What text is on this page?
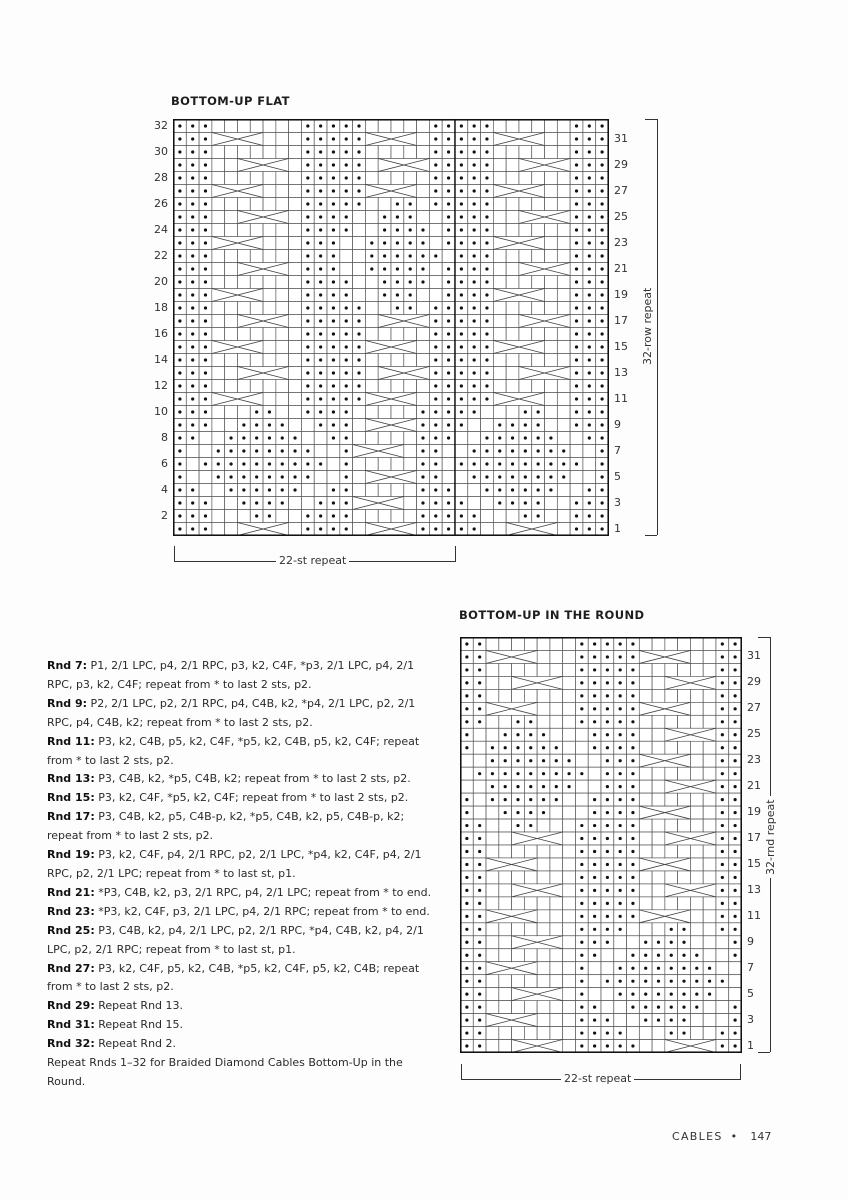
BOTTOM-UP FLAT
32
30
28
26
24
22
20
18
16
14
12
10
8
6
4
2
31
29
27
25
23
21
19
17
15
13
11
9
7
5
3
1
32-row repeat
22-st repeat
BOTTOM-UP IN THE ROUND
31
29
27
25
23
21
19
17
15
13
11
9
7
5
3
1
32-rnd repeat
22-st repeat

Rnd 7: P1, 2/1 LPC, p4, 2/1 RPC, p3, k2, C4F, *p3, 2/1 LPC, p4, 2/1 RPC, p3, k2, C4F; repeat from * to last 2 sts, p2.

Rnd 9: P2, 2/1 LPC, p2, 2/1 RPC, p4, C4B, k2, *p4, 2/1 LPC, p2, 2/1 RPC, p4, C4B, k2; repeat from * to last 2 sts, p2.

Rnd 11: P3, k2, C4B, p5, k2, C4F, *p5, k2, C4B, p5, k2, C4F; repeat from * to last 2 sts, p2.

Rnd 13: P3, C4B, k2, *p5, C4B, k2; repeat from * to last 2 sts, p2.

Rnd 15: P3, k2, C4F, *p5, k2, C4F; repeat from * to last 2 sts, p2.

Rnd 17: P3, C4B, k2, p5, C4B-p, k2, *p5, C4B, k2, p5, C4B-p, k2; repeat from * to last 2 sts, p2.

Rnd 19: P3, k2, C4F, p4, 2/1 RPC, p2, 2/1 LPC, *p4, k2, C4F, p4, 2/1 RPC, p2, 2/1 LPC; repeat from * to last st, p1.

Rnd 21: *P3, C4B, k2, p3, 2/1 RPC, p4, 2/1 LPC; repeat from * to end.

Rnd 23: *P3, k2, C4F, p3, 2/1 LPC, p4, 2/1 RPC; repeat from * to end.

Rnd 25: P3, C4B, k2, p4, 2/1 LPC, p2, 2/1 RPC, *p4, C4B, k2, p4, 2/1 LPC, p2, 2/1 RPC; repeat from * to last st, p1.

Rnd 27: P3, k2, C4F, p5, k2, C4B, *p5, k2, C4F, p5, k2, C4B; repeat from * to last 2 sts, p2.

Rnd 29: Repeat Rnd 13.

Rnd 31: Repeat Rnd 15.

Rnd 32: Repeat Rnd 2.

Repeat Rnds 1–32 for Braided Diamond Cables Bottom-Up in the Round.

CABLES • 147
